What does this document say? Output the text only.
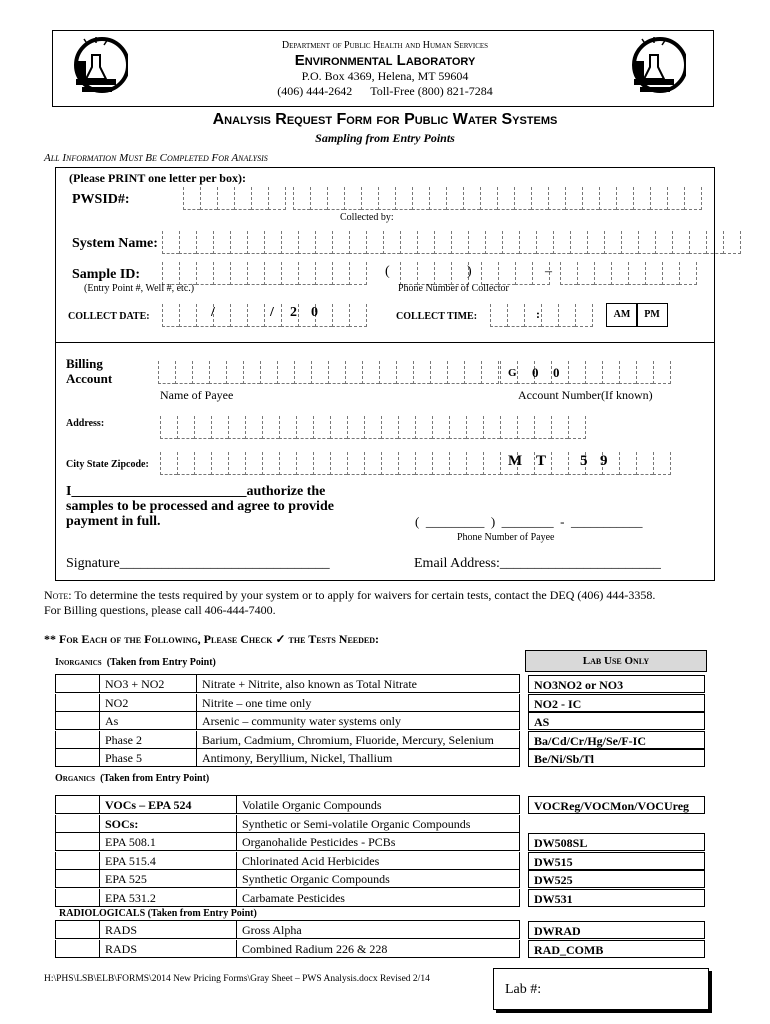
Department of Public Health and Human Services
Environmental Laboratory
P.O. Box 4369, Helena, MT 59604
(406) 444-2642 Toll-Free (800) 821-7284
Analysis Request Form for Public Water Systems
Sampling from Entry Points
All Information Must Be Completed For Analysis
(Please PRINT one letter per box):
PWSID#:
Collected by:
System Name:
Sample ID:
(Entry Point #, Well #, etc.)
(	)	–
Phone Number of Collector
COLLECT DATE:	/	/ 2 0	COLLECT TIME:	:	AM	PM
Billing
Account	G 0 0
Name of Payee	Account Number(If known)
Address:
City State Zipcode:	M T 5 9
I_________________________authorize the
samples to be processed and agree to provide
payment in full.	(  _________  )  ________  -  ___________
Phone Number of Payee
Signature______________________________	Email Address:_______________________
Note: To determine the tests required by your system or to apply for waivers for certain tests, contact the DEQ (406) 444-3358.
For Billing questions, please call 406-444-7400.
** For Each of the Following, Please Check ✓ the Tests Needed:
Lab Use Only
Inorganics (Taken from Entry Point)
NO3 + NO2	Nitrate + Nitrite, also known as Total Nitrate	NO3NO2 or NO3
NO2	Nitrite – one time only	NO2 - IC
As	Arsenic – community water systems only	AS
Phase 2	Barium, Cadmium, Chromium, Fluoride, Mercury, Selenium	Ba/Cd/Cr/Hg/Se/F-IC
Phase 5	Antimony, Beryllium, Nickel, Thallium	Be/Ni/Sb/Tl
Organics (Taken from Entry Point)
VOCs – EPA 524	Volatile Organic Compounds	VOCReg/VOCMon/VOCUreg
SOCs:	Synthetic or Semi-volatile Organic Compounds
EPA 508.1	Organohalide Pesticides - PCBs	DW508SL
EPA 515.4	Chlorinated Acid Herbicides	DW515
EPA 525	Synthetic Organic Compounds	DW525
EPA 531.2	Carbamate Pesticides	DW531
RADIOLOGICALS (Taken from Entry Point)
RADS	Gross Alpha	DWRAD
RADS	Combined Radium 226 & 228	RAD_COMB
H:\PHS\LSB\ELB\FORMS\2014 New Pricing Forms\Gray Sheet – PWS Analysis.docx Revised 2/14
Lab #:
